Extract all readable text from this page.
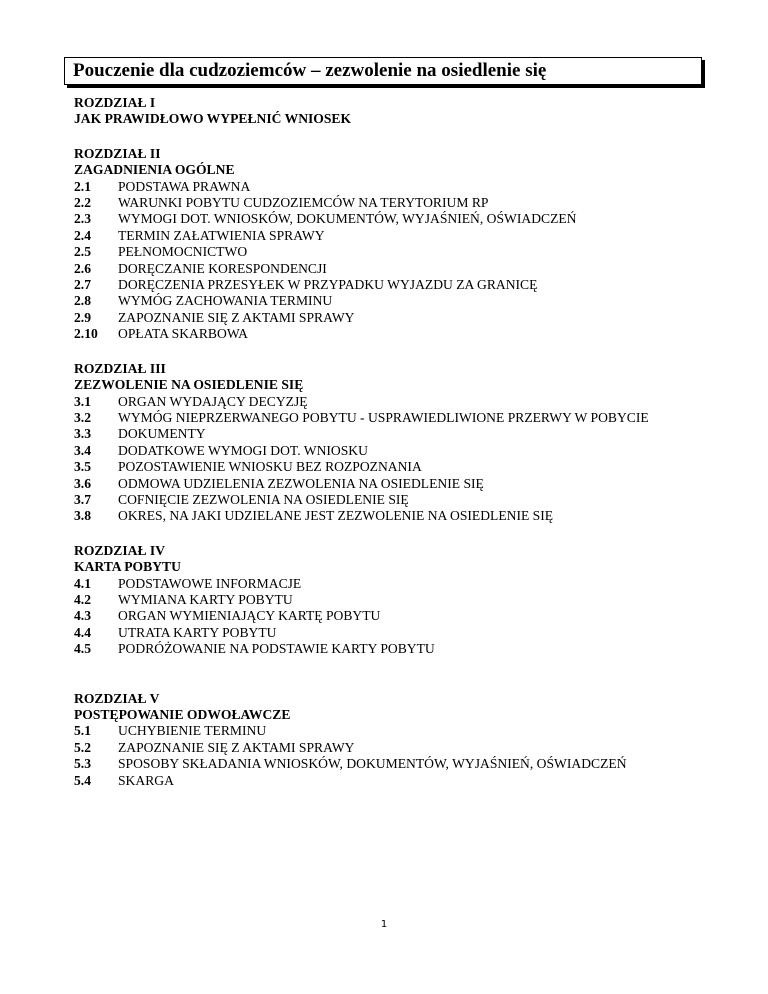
Pouczenie dla cudzoziemców – zezwolenie na osiedlenie się
ROZDZIAŁ I
JAK PRAWIDŁOWO WYPEŁNIĆ WNIOSEK
ROZDZIAŁ II
ZAGADNIENIA OGÓLNE
2.1	PODSTAWA PRAWNA
2.2	WARUNKI POBYTU CUDZOZIEMCÓW NA TERYTORIUM RP
2.3	WYMOGI DOT. WNIOSKÓW, DOKUMENTÓW, WYJAŚNIEŃ, OŚWIADCZEŃ
2.4	TERMIN ZAŁATWIENIA SPRAWY
2.5	PEŁNOMOCNICTWO
2.6	DORĘCZANIE KORESPONDENCJI
2.7	DORĘCZENIA PRZESYŁEK W PRZYPADKU WYJAZDU ZA GRANICĘ
2.8	WYMÓG ZACHOWANIA TERMINU
2.9	ZAPOZNANIE SIĘ Z AKTAMI SPRAWY
2.10	OPŁATA SKARBOWA
ROZDZIAŁ III
ZEZWOLENIE NA OSIEDLENIE SIĘ
3.1	ORGAN WYDAJĄCY DECYZJĘ
3.2	WYMÓG NIEPRZERWANEGO POBYTU - USPRAWIEDLIWIONE PRZERWY W POBYCIE
3.3	DOKUMENTY
3.4	DODATKOWE WYMOGI DOT. WNIOSKU
3.5	POZOSTAWIENIE WNIOSKU BEZ ROZPOZNANIA
3.6	ODMOWA UDZIELENIA ZEZWOLENIA NA OSIEDLENIE SIĘ
3.7	COFNIĘCIE ZEZWOLENIA NA OSIEDLENIE SIĘ
3.8	OKRES, NA JAKI UDZIELANE JEST ZEZWOLENIE NA OSIEDLENIE SIĘ
ROZDZIAŁ IV
KARTA POBYTU
4.1	PODSTAWOWE INFORMACJE
4.2	WYMIANA KARTY POBYTU
4.3	ORGAN WYMIENIAJĄCY KARTĘ POBYTU
4.4	UTRATA KARTY POBYTU
4.5	PODRÓŻOWANIE NA PODSTAWIE KARTY POBYTU
ROZDZIAŁ V
POSTĘPOWANIE ODWOŁAWCZE
5.1	UCHYBIENIE TERMINU
5.2	ZAPOZNANIE SIĘ Z AKTAMI SPRAWY
5.3	SPOSOBY SKŁADANIA WNIOSKÓW, DOKUMENTÓW, WYJAŚNIEŃ, OŚWIADCZEŃ
5.4	SKARGA
1
